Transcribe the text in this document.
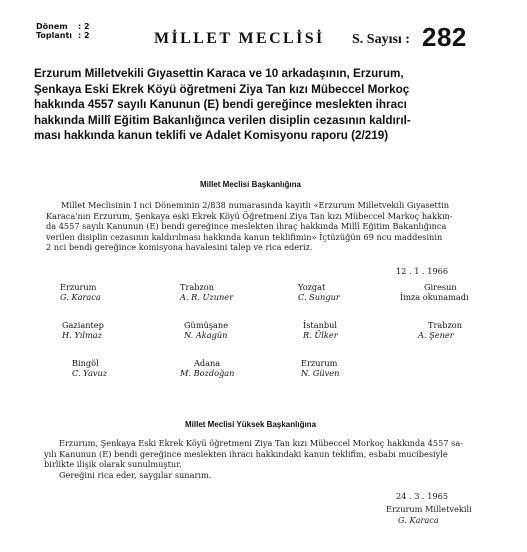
Dönem	: 2
Toplantı : 2	MİLLET MECLİSİ S. Sayısı : 282
Erzurum Milletvekili Gıyasettin Karaca ve 10 arkadaşının, Erzurum,
Şenkaya Eski Ekrek Köyü öğretmeni Ziya Tan kızı Mübeccel Morkoç
hakkında 4557 sayılı Kanunun (E) bendi gereğince meslekten ihracı
hakkında Millî Eğitim Bakanlığınca verilen disiplin cezasının kaldırıl-
ması hakkında kanun teklifi ve Adalet Komisyonu raporu (2/219)
Millet Meclisi Başkanlığına
Millet Meclisinin I nci Döneminin 2/838 numarasında kayıtlı «Erzurum Milletvekili Gıyasettin
Karaca'nın Erzurum, Şenkaya eski Ekrek Köyü Öğretmeni Ziya Tan kızı Mübeccel Markoç hakkın-
da 4557 sayılı Kanunun (E) bendi gereğince meslekten ihraç hakkında Millî Eğitim Bakanlığınca
verilen disiplin cezasının kaldırılması hakkında kanun teklifimin» İçtüzüğün 69 ncu maddesinin
2 nci bendi gereğince komisyona havalesini talep ve rica ederiz.
12 . 1 . 1966
Erzurum
G. Karaca
Trabzon
A. R. Uzuner
Yozgat
C. Sungur
Giresun
İmza okunamadı
Gaziantep
H. Yılmaz
Gümüşane
N. Akagün
İstanbul
R. Ülker
Trabzon
A. Şener
Bingöl
C. Yavuz
Adana
M. Bozdoğan
Erzurum
N. Güven
Millet Meclisi Yüksek Başkanlığına
Erzurum, Şenkaya Eski Ekrek Köyü öğretmeni Ziya Tan kızı Mübeccel Morkoç hakkında 4557 sa-
yılı Kanunun (E) bendi gereğince meslekten ihracı hakkındaki kanun teklifim, esbabı mucibesiyle
birlikte ilişik olarak sunulmuştur.
Gereğini rica eder, saygılar sunarım.
24 . 3 . 1965
Erzurum Milletvekili
G. Karaca
